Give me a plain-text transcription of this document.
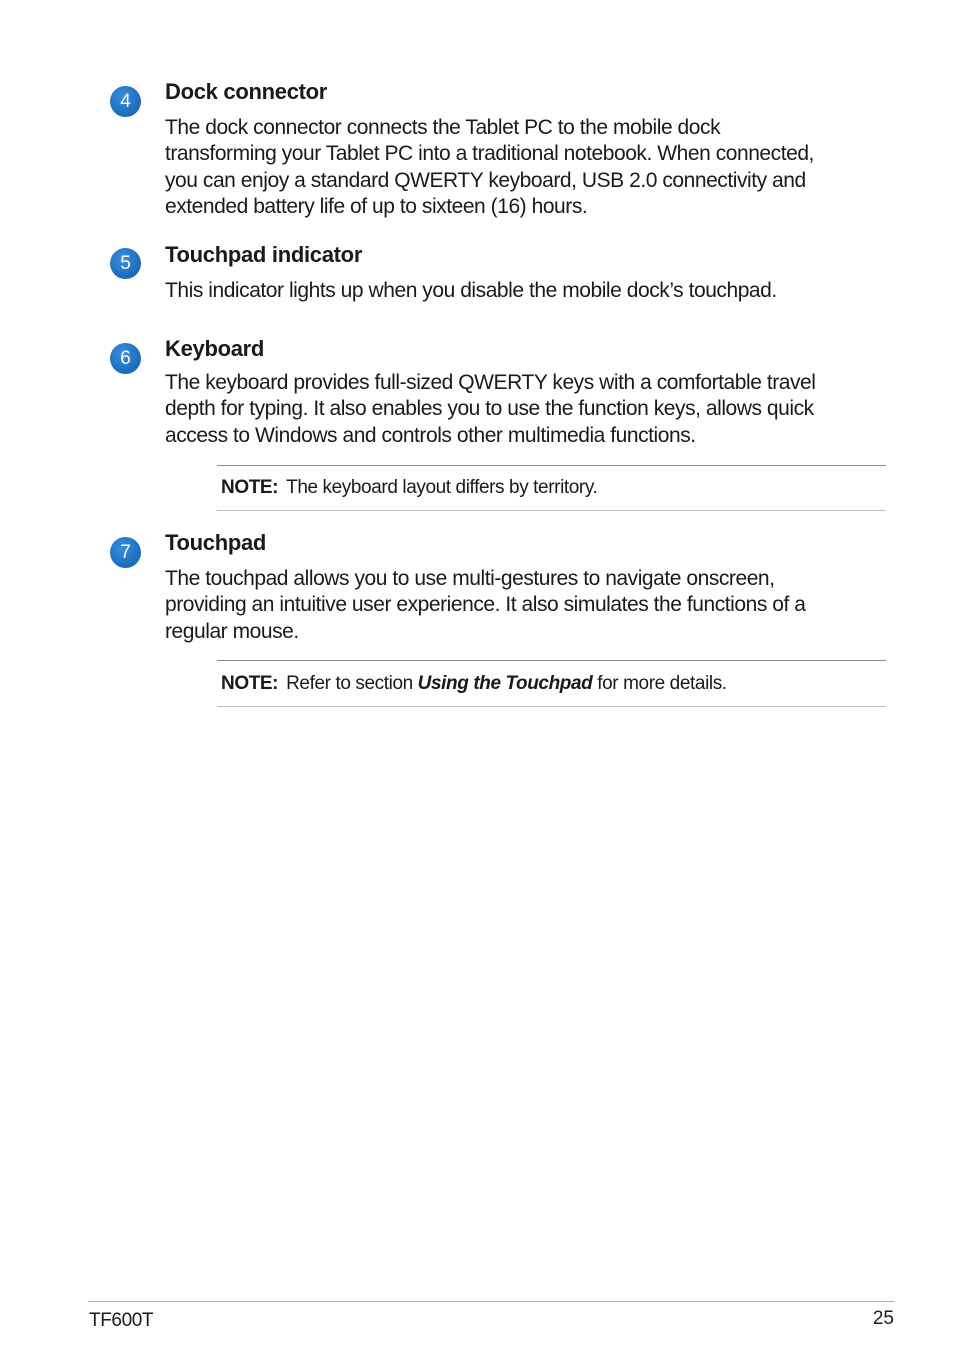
4	Dock connector

The dock connector connects the Tablet PC to the mobile dock
transforming your Tablet PC into a traditional notebook. When connected,
you can enjoy a standard QWERTY keyboard, USB 2.0 connectivity and
extended battery life of up to sixteen (16) hours.

5	Touchpad indicator

This indicator lights up when you disable the mobile dock’s touchpad.

6	Keyboard

The keyboard provides full-sized QWERTY keys with a comfortable travel
depth for typing. It also enables you to use the function keys, allows quick
access to Windows and controls other multimedia functions.

NOTE: The keyboard layout differs by territory.
7	Touchpad

The touchpad allows you to use multi-gestures to navigate onscreen,
providing an intuitive user experience. It also simulates the functions of a
regular mouse.

NOTE: Refer to section Using the Touchpad for more details.
TF600T	25
